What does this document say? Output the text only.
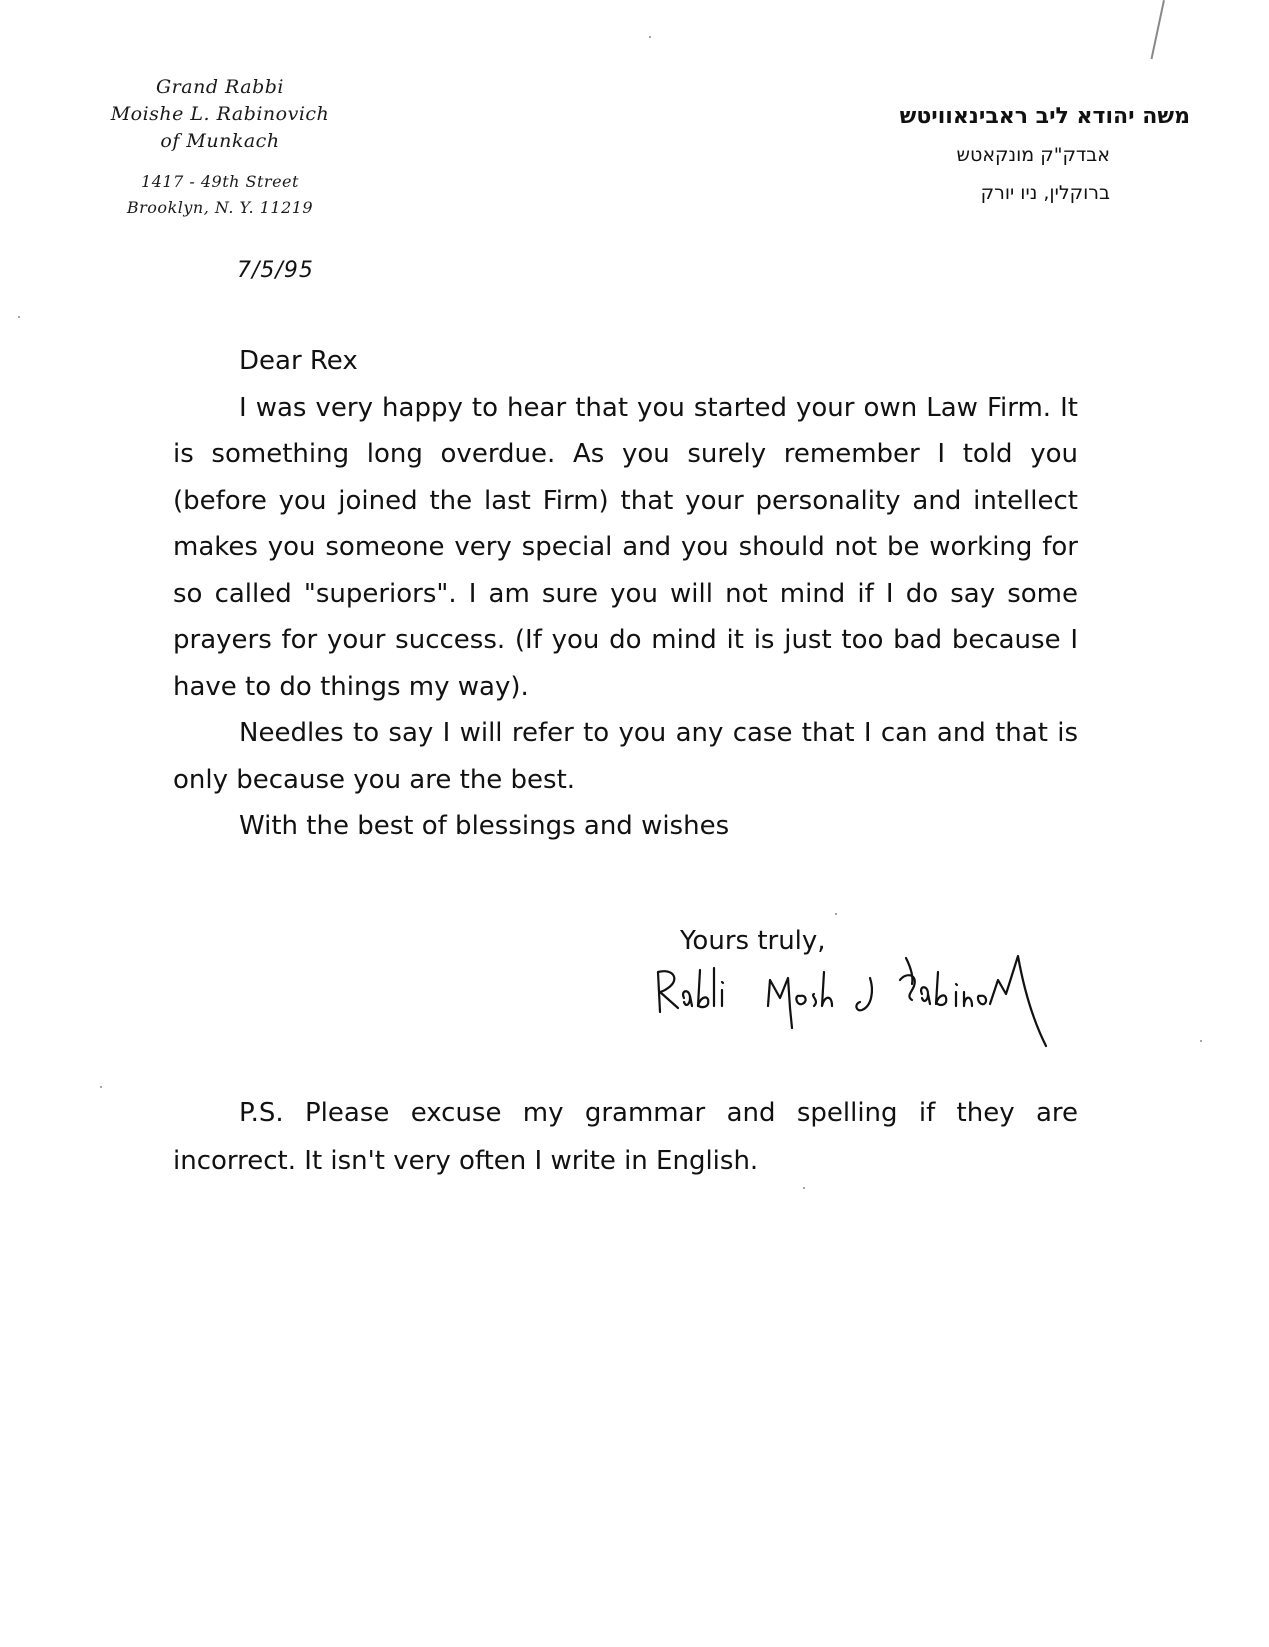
Grand Rabbi
Moishe L. Rabinovich
of Munkach
1417 - 49th Street
Brooklyn, N. Y. 11219
משה יהודא ליב ראבינאוויטש
אבדק"ק מונקאטש
ברוקלין, ניו יורק
7/5/95
Dear Rex

I was very happy to hear that you started your own Law Firm. It is something long overdue. As you surely remember I told you (before you joined the last Firm) that your personality and intellect makes you someone very special and you should not be working for so called "superiors". I am sure you will not mind if I do say some prayers for your success. (If you do mind it is just too bad because I have to do things my way).

Needles to say I will refer to you any case that I can and that is only because you are the best.

With the best of blessings and wishes
Yours truly,

P.S. Please excuse my grammar and spelling if they are incorrect. It isn't very often I write in English.
